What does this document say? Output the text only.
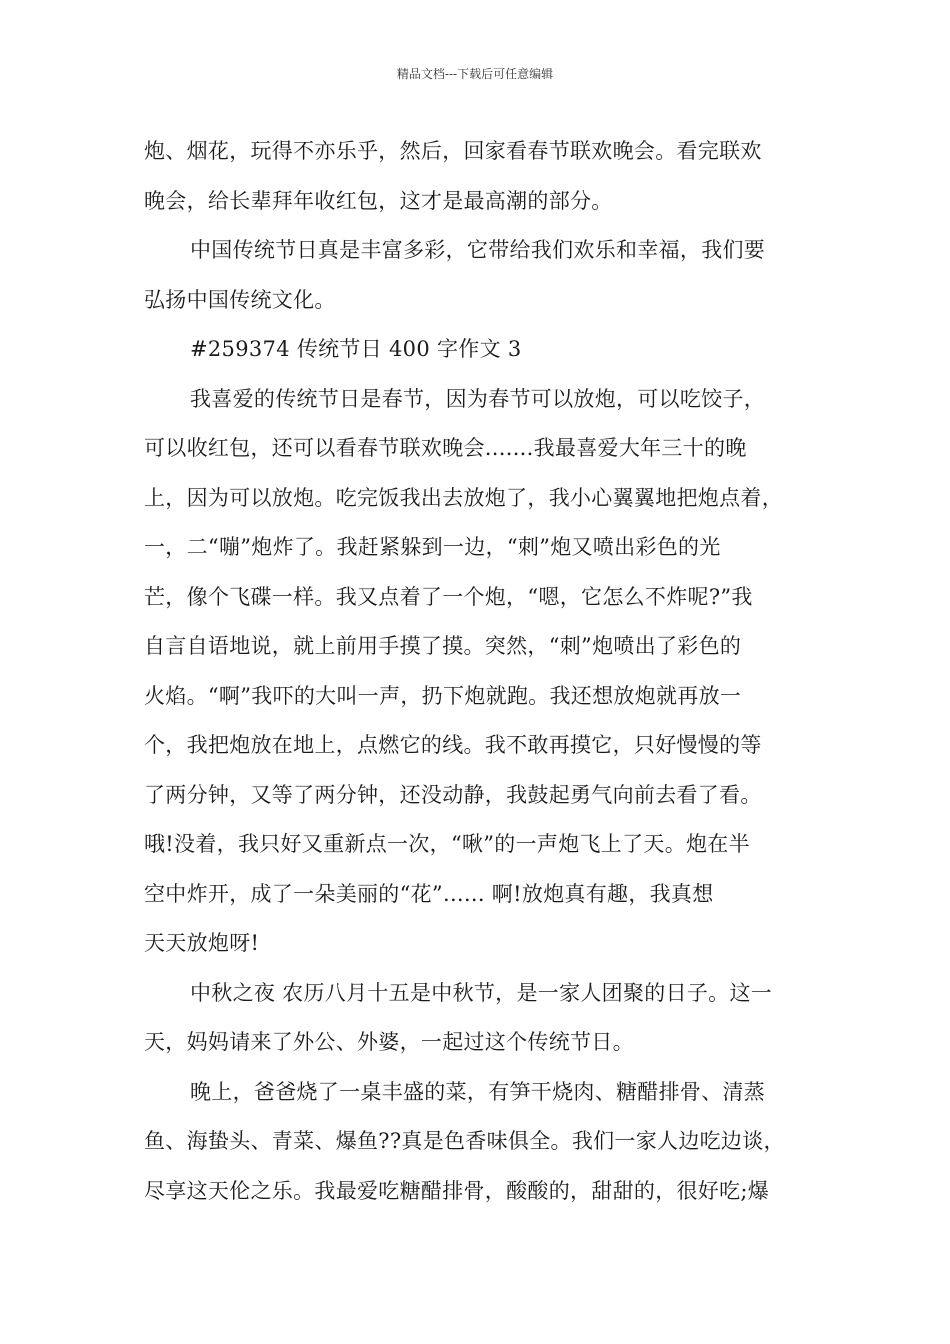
精品文档---下载后可任意编辑
炮、烟花，玩得不亦乐乎，然后，回家看春节联欢晚会。看完联欢
晚会，给长辈拜年收红包，这才是最高潮的部分。
中国传统节日真是丰富多彩，它带给我们欢乐和幸福，我们要
弘扬中国传统文化。
#259374 传统节日 400 字作文 3
我喜爱的传统节日是春节，因为春节可以放炮，可以吃饺子，
可以收红包，还可以看春节联欢晚会.......我最喜爱大年三十的晚
上，因为可以放炮。吃完饭我出去放炮了，我小心翼翼地把炮点着，
一，二“嘣”炮炸了。我赶紧躲到一边，“刺”炮又喷出彩色的光
芒，像个飞碟一样。我又点着了一个炮，“嗯，它怎么不炸呢?”我
自言自语地说，就上前用手摸了摸。突然，“刺”炮喷出了彩色的
火焰。“啊”我吓的大叫一声，扔下炮就跑。我还想放炮就再放一
个，我把炮放在地上，点燃它的线。我不敢再摸它，只好慢慢的等
了两分钟，又等了两分钟，还没动静，我鼓起勇气向前去看了看。
哦!没着，我只好又重新点一次，“啾”的一声炮飞上了天。炮在半
空中炸开，成了一朵美丽的“花”...... 啊!放炮真有趣，我真想
天天放炮呀!
中秋之夜 农历八月十五是中秋节，是一家人团聚的日子。这一
天，妈妈请来了外公、外婆，一起过这个传统节日。
晚上，爸爸烧了一桌丰盛的菜，有笋干烧肉、糖醋排骨、清蒸
鱼、海蛰头、青菜、爆鱼??真是色香味俱全。我们一家人边吃边谈，
尽享这天伦之乐。我最爱吃糖醋排骨，酸酸的，甜甜的，很好吃;爆
